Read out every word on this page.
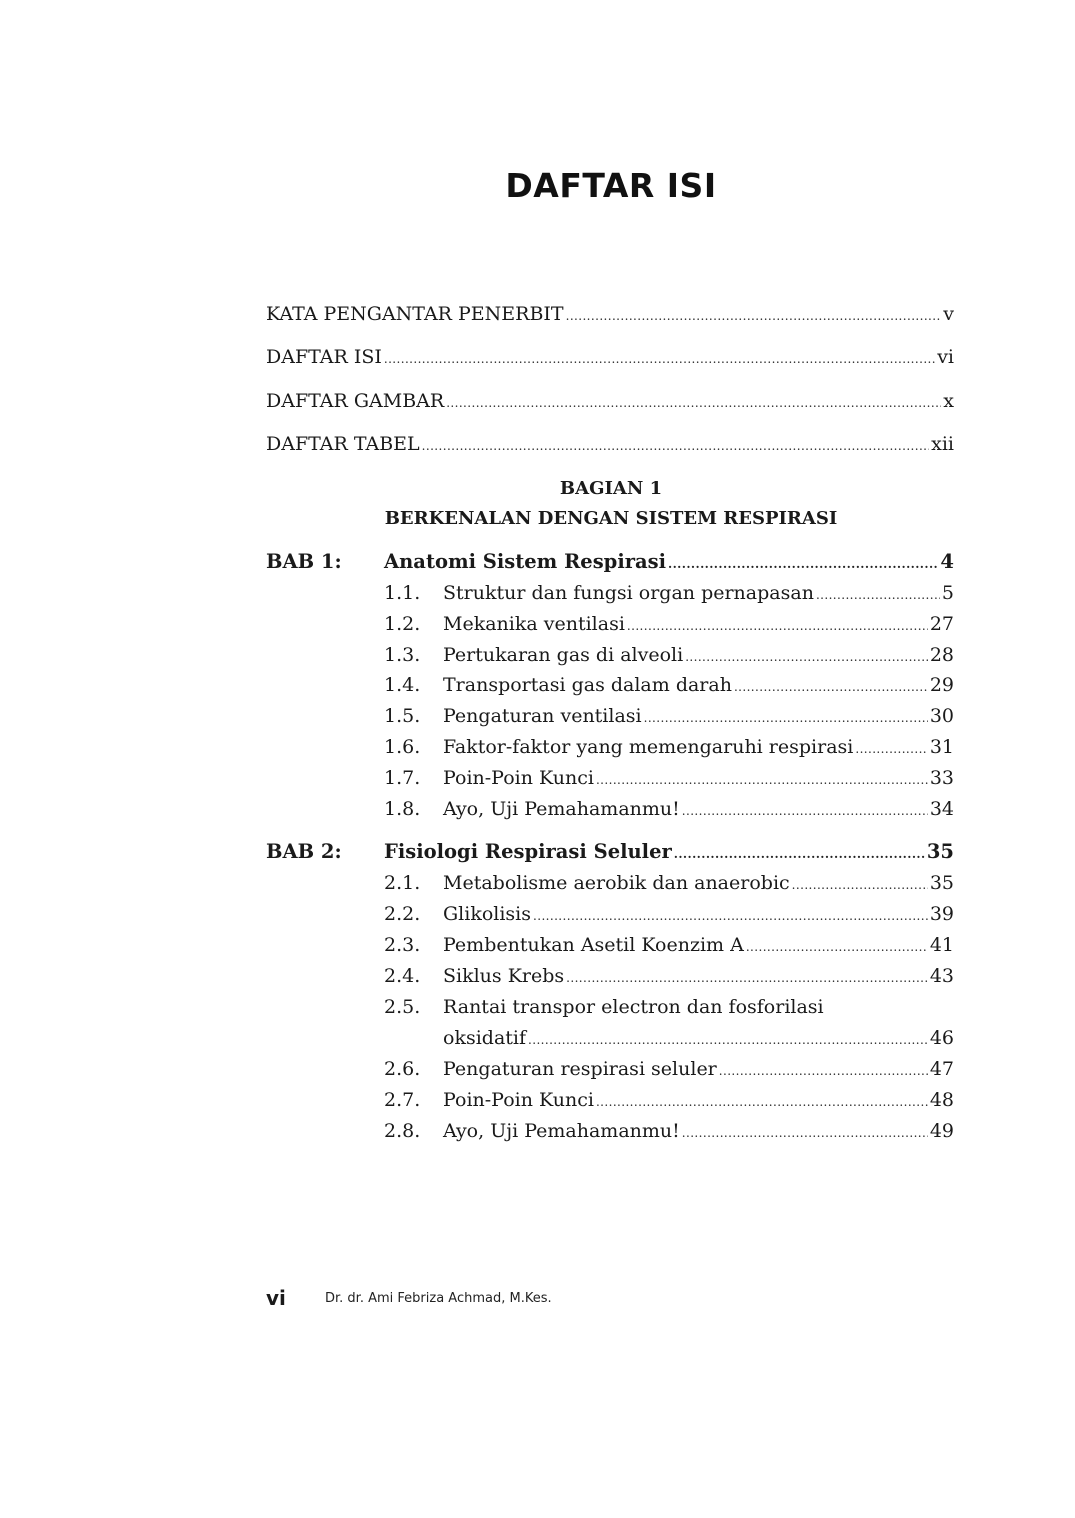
DAFTAR ISI
KATA PENGANTAR PENERBIT .....	v
DAFTAR ISI .....	vi
DAFTAR GAMBAR .....	x
DAFTAR TABEL .....	xii
BAGIAN 1
BERKENALAN DENGAN SISTEM RESPIRASI
BAB 1: Anatomi Sistem Respirasi .....	4
1.1. Struktur dan fungsi organ pernapasan .....	5
1.2. Mekanika ventilasi .....	27
1.3. Pertukaran gas di alveoli .....	28
1.4. Transportasi gas dalam darah .....	29
1.5. Pengaturan ventilasi .....	30
1.6. Faktor-faktor yang memengaruhi respirasi .....	31
1.7. Poin-Poin Kunci .....	33
1.8. Ayo, Uji Pemahamanmu! .....	34
BAB 2: Fisiologi Respirasi Seluler .....	35
2.1. Metabolisme aerobik dan anaerobic .....	35
2.2. Glikolisis .....	39
2.3. Pembentukan Asetil Koenzim A .....	41
2.4. Siklus Krebs .....	43
2.5. Rantai transpor electron dan fosforilasi
oksidatif .....	46
2.6. Pengaturan respirasi seluler .....	47
2.7. Poin-Poin Kunci .....	48
2.8. Ayo, Uji Pemahamanmu! .....	49
vi	Dr. dr. Ami Febriza Achmad, M.Kes.
